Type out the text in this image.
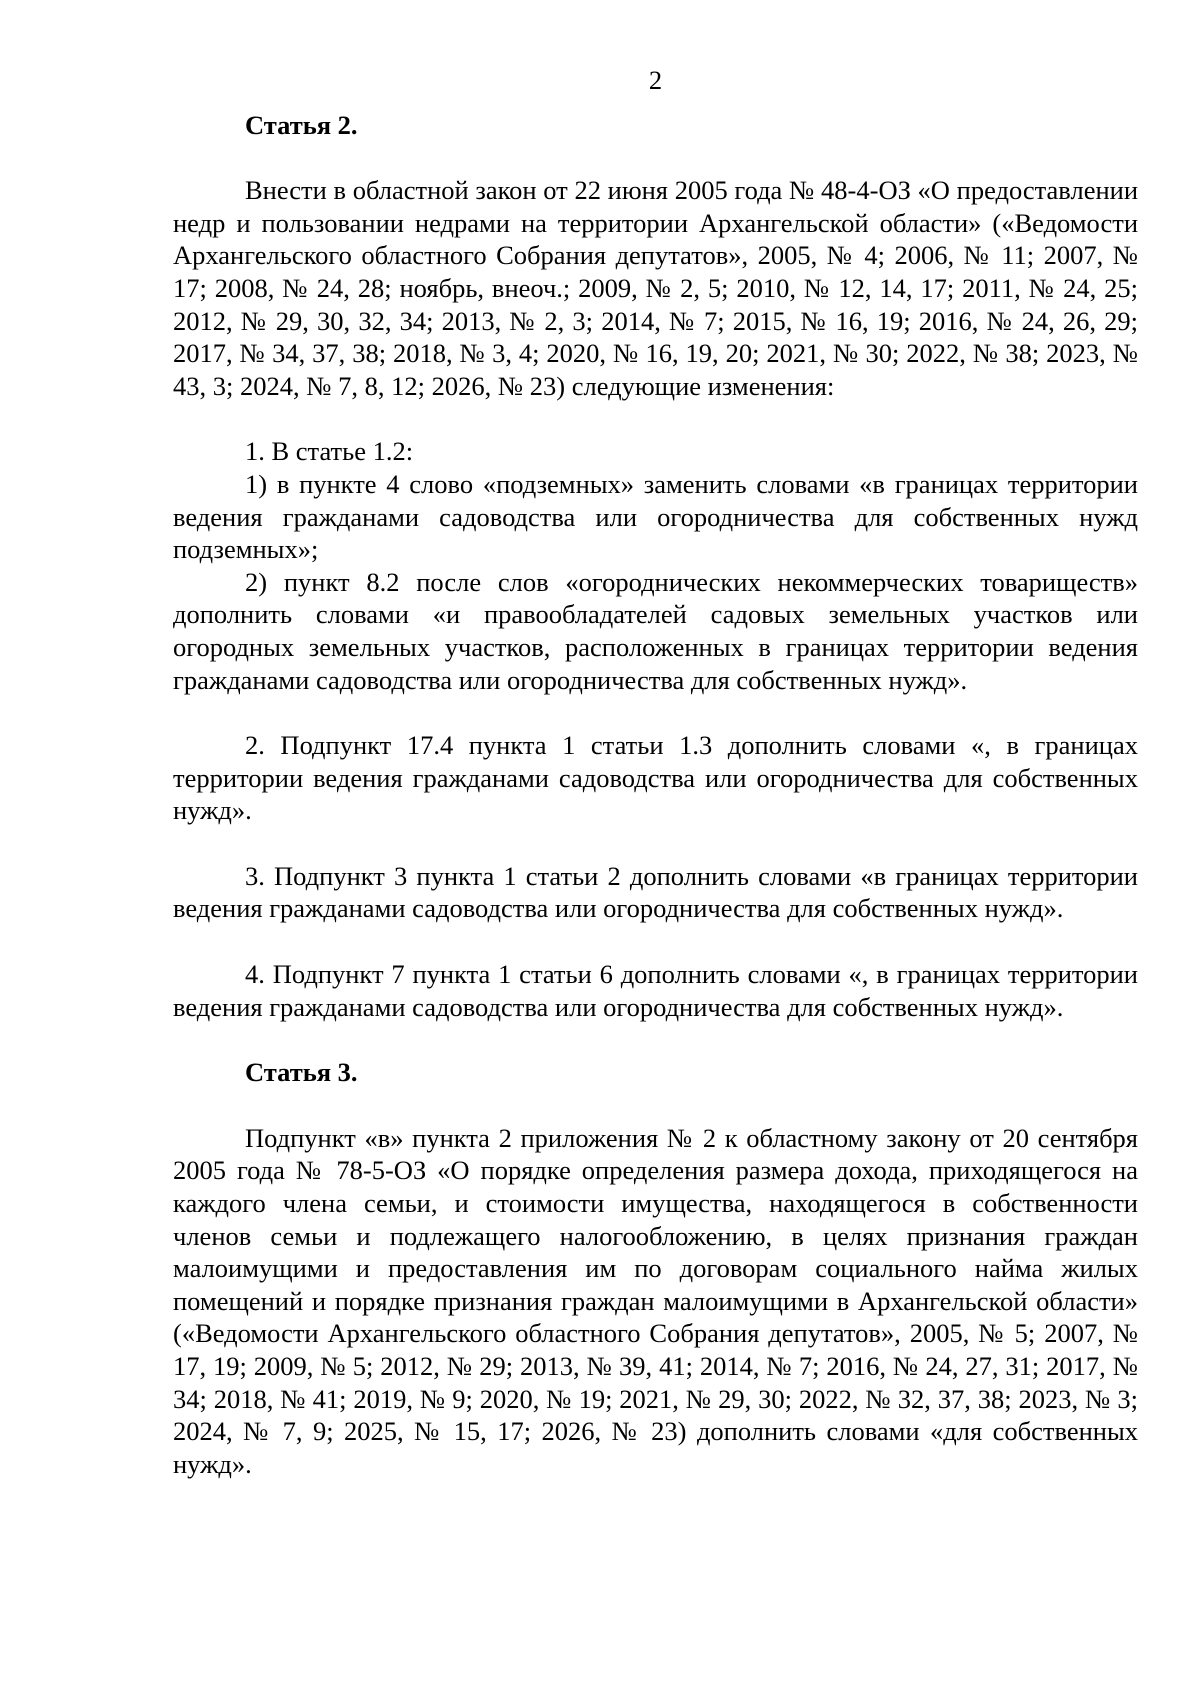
2
Статья 2.

Внести в областной закон от 22 июня 2005 года № 48-4-ОЗ «О предоставлении недр и пользовании недрами на территории Архангельской области» («Ведомости Архангельского областного Собрания депутатов», 2005, № 4; 2006, № 11; 2007, № 17; 2008, № 24, 28; ноябрь, внеоч.; 2009, № 2, 5; 2010, № 12, 14, 17; 2011, № 24, 25; 2012, № 29, 30, 32, 34; 2013, № 2, 3; 2014, № 7; 2015, № 16, 19; 2016, № 24, 26, 29; 2017, № 34, 37, 38; 2018, № 3, 4; 2020, № 16, 19, 20; 2021, № 30; 2022, № 38; 2023, № 43, 3; 2024, № 7, 8, 12; 2026, № 23) следующие изменения:

1. В статье 1.2:

1) в пункте 4 слово «подземных» заменить словами «в границах территории ведения гражданами садоводства или огородничества для собственных нужд подземных»;

2) пункт 8.2 после слов «огороднических некоммерческих товариществ» дополнить словами «и правообладателей садовых земельных участков или огородных земельных участков, расположенных в границах территории ведения гражданами садоводства или огородничества для собственных нужд».

2. Подпункт 17.4 пункта 1 статьи 1.3 дополнить словами «, в границах территории ведения гражданами садоводства или огородничества для собственных нужд».

3. Подпункт 3 пункта 1 статьи 2 дополнить словами «в границах территории ведения гражданами садоводства или огородничества для собственных нужд».

4. Подпункт 7 пункта 1 статьи 6 дополнить словами «, в границах территории ведения гражданами садоводства или огородничества для собственных нужд».

Статья 3.

Подпункт «в» пункта 2 приложения № 2 к областному закону от 20 сентября 2005 года № 78-5-ОЗ «О порядке определения размера дохода, приходящегося на каждого члена семьи, и стоимости имущества, находящегося в собственности членов семьи и подлежащего налогообложению, в целях признания граждан малоимущими и предоставления им по договорам социального найма жилых помещений и порядке признания граждан малоимущими в Архангельской области» («Ведомости Архангельского областного Собрания депутатов», 2005, № 5; 2007, № 17, 19; 2009, № 5; 2012, № 29; 2013, № 39, 41; 2014, № 7; 2016, № 24, 27, 31; 2017, № 34; 2018, № 41; 2019, № 9; 2020, № 19; 2021, № 29, 30; 2022, № 32, 37, 38; 2023, № 3; 2024, № 7, 9; 2025, № 15, 17; 2026, № 23) дополнить словами «для собственных нужд».
